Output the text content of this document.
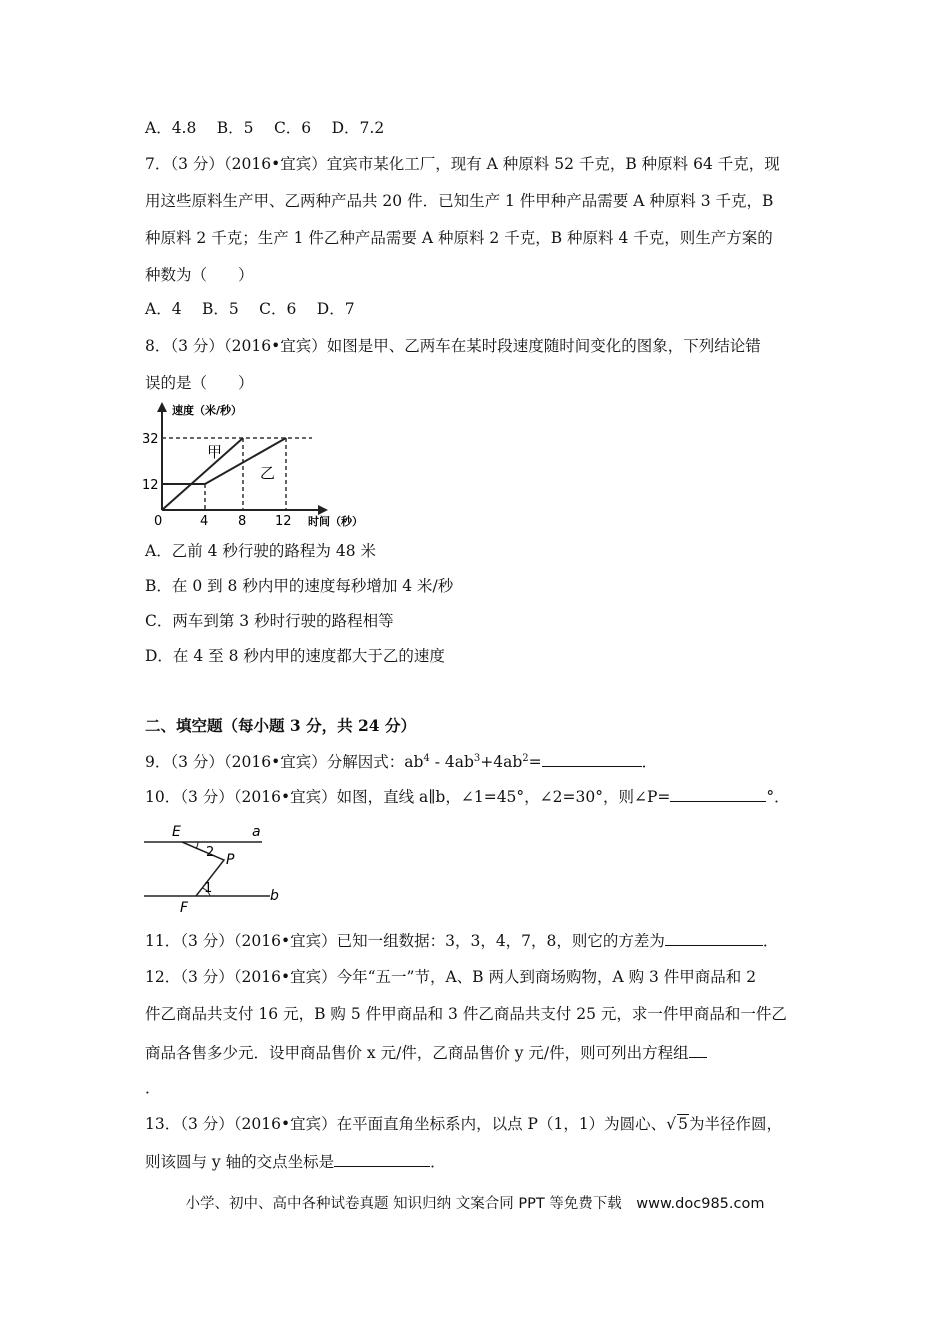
A．4.8　 B．5　 C．6　 D．7.2
7．（3 分）（2016•宜宾）宜宾市某化工厂，现有 A 种原料 52 千克，B 种原料 64 千克，现
用这些原料生产甲、乙两种产品共 20 件．已知生产 1 件甲种产品需要 A 种原料 3 千克，B
种原料 2 千克；生产 1 件乙种产品需要 A 种原料 2 千克，B 种原料 4 千克，则生产方案的
种数为（　　）
A．4　 B．5　 C．6　 D．7
8．（3 分）（2016•宜宾）如图是甲、乙两车在某时段速度随时间变化的图象，下列结论错
误的是（　　）
速度（米/秒）
32
12
0	4 8 12 时间（秒）
甲
乙
A．乙前 4 秒行驶的路程为 48 米
B．在 0 到 8 秒内甲的速度每秒增加 4 米/秒
C．两车到第 3 秒时行驶的路程相等
D．在 4 至 8 秒内甲的速度都大于乙的速度
二、填空题（每小题 3 分，共 24 分）
9．（3 分）（2016•宜宾）分解因式：$ab^4 - 4ab^3+4ab^2=$	．
10．（3 分）（2016•宜宾）如图，直线 a∥b，∠1=45°，∠2=30°，则∠P=	°．
E	a
2 P
1	b
F
11．（3 分）（2016•宜宾）已知一组数据：3，3，4，7，8，则它的方差为	．
12．（3 分）（2016•宜宾）今年“五一”节，A、B 两人到商场购物，A 购 3 件甲商品和 2
件乙商品共支付 16 元，B 购 5 件甲商品和 3 件乙商品共支付 25 元，求一件甲商品和一件乙
商品各售多少元．设甲商品售价 x 元/件，乙商品售价 y 元/件，则可列出方程组
．
13．（3 分）（2016•宜宾）在平面直角坐标系内，以点 P（1，1）为圆心、√ 5为半径作圆，
则该圆与 y 轴的交点坐标是	．
小学、初中、高中各种试卷真题 知识归纳 文案合同 PPT 等免费下载　www.doc985.com
